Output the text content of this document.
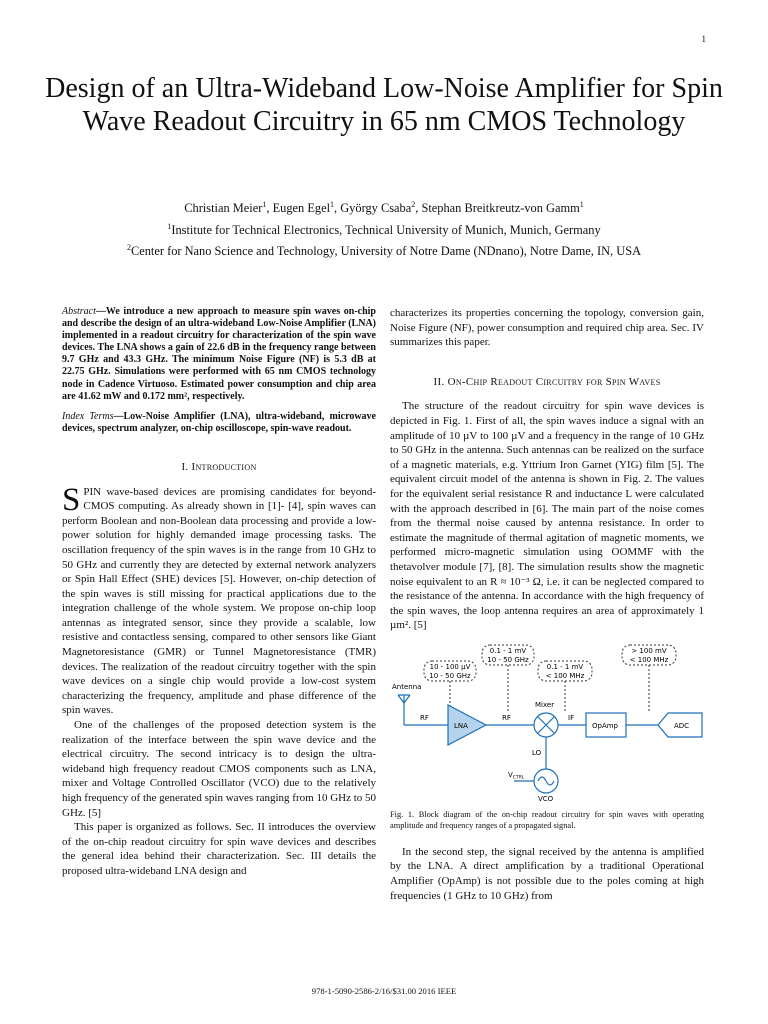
1
Design of an Ultra-Wideband Low-Noise Amplifier for Spin Wave Readout Circuitry in 65 nm CMOS Technology
Christian Meier$^1$, Eugen Egel$^1$, György Csaba$^2$, Stephan Breitkreutz-von Gamm$^1$
$^1$Institute for Technical Electronics, Technical University of Munich, Munich, Germany
$^2$Center for Nano Science and Technology, University of Notre Dame (NDnano), Notre Dame, IN, USA

Abstract—We introduce a new approach to measure spin waves on-chip and describe the design of an ultra-wideband Low-Noise Amplifier (LNA) implemented in a readout circuitry for characterization of the spin wave devices. The LNA shows a gain of 22.6 dB in the frequency range between 9.7 GHz and 43.3 GHz. The minimum Noise Figure (NF) is 5.3 dB at 22.75 GHz. Simulations were performed with 65 nm CMOS technology node in Cadence Virtuoso. Estimated power consumption and chip area are 41.62 mW and 0.172 mm², respectively.

Index Terms—Low-Noise Amplifier (LNA), ultra-wideband, microwave devices, spectrum analyzer, on-chip oscilloscope, spin-wave readout.

I. Introduction

SPIN wave-based devices are promising candidates for beyond-CMOS computing. As already shown in [1]- [4], spin waves can perform Boolean and non-Boolean data processing and provide a low-power solution for highly demanded image processing tasks. The oscillation frequency of the spin waves is in the range from 10 GHz to 50 GHz and currently they are detected by external network analyzers or Spin Hall Effect (SHE) devices [5]. However, on-chip detection of the spin waves is still missing for practical applications due to the integration challenge of the whole system. We propose on-chip loop antennas as integrated sensor, since they provide a scalable, low resistive and contactless sensing, compared to other sensors like Giant Magnetoresistance (GMR) or Tunnel Magnetoresistance (TMR) devices. The realization of the readout circuitry together with the spin wave devices on a single chip would provide a low-cost system characterizing the frequency, amplitude and phase difference of the spin waves.

One of the challenges of the proposed detection system is the realization of the interface between the spin wave device and the electrical circuitry. The second intricacy is to design the ultra-wideband high frequency readout CMOS components such as LNA, mixer and Voltage Controlled Oscillator (VCO) due to the relatively high frequency of the generated spin waves ranging from 10 GHz to 50 GHz. [5]

This paper is organized as follows. Sec. II introduces the overview of the on-chip readout circuitry for spin wave devices and describes the general idea behind their characterization. Sec. III details the proposed ultra-wideband LNA design and

characterizes its properties concerning the topology, conversion gain, Noise Figure (NF), power consumption and required chip area. Sec. IV summarizes this paper.

II. On-Chip Readout Circuitry for Spin Waves

The structure of the readout circuitry for spin wave devices is depicted in Fig. 1. First of all, the spin waves induce a signal with an amplitude of 10 µV to 100 µV and a frequency in the range of 10 GHz to 50 GHz in the antenna. Such antennas can be realized on the surface of a magnetic materials, e.g. Yttrium Iron Garnet (YIG) film [5]. The equivalent circuit model of the antenna is shown in Fig. 2. The values for the equivalent serial resistance R and inductance L were calculated with the approach described in [6]. The main part of the noise comes from the thermal noise caused by antenna resistance. In order to estimate the magnitude of thermal agitation of magnetic moments, we performed micro-magnetic simulation using OOMMF with the thetavolver module [7], [8]. The simulation results show the magnetic noise equivalent to an R ≈ 10⁻³ Ω, i.e. it can be neglected compared to the resistance of the antenna. In accordance with the high frequency of the spin waves, the loop antenna requires an area of approximately 1 µm². [5]

10 - 100 µV
10 - 50 GHz
0.1 - 1 mV
10 - 50 GHz
0.1 - 1 mV
< 100 MHz
> 100 mV
< 100 MHz
Antenna
RF
LNA
RF
Mixer
IF
OpAmp	ADC
LO
$V_{CTRL}$
VCO
Fig. 1. Block diagram of the on-chip readout circuitry for spin waves with operating amplitude and frequency ranges of a propagated signal.

In the second step, the signal received by the antenna is amplified by the LNA. A direct amplification by a traditional Operational Amplifier (OpAmp) is not possible due to the poles coming at high frequencies (1 GHz to 10 GHz) from

978-1-5090-2586-2/16/$31.00 2016 IEEE
